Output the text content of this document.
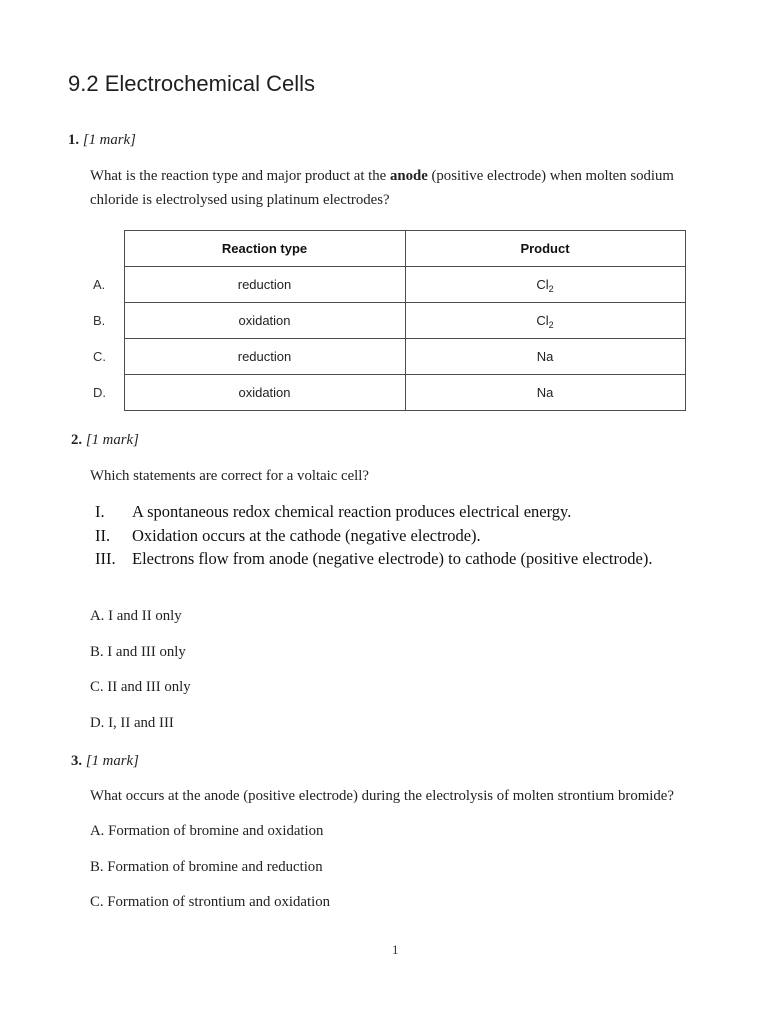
9.2 Electrochemical Cells
1. [1 mark]
What is the reaction type and major product at the anode (positive electrode) when molten sodium chloride is electrolysed using platinum electrodes?
	Reaction type	Product
A.	reduction	$Cl_2$
B.	oxidation	$Cl_2$
C.	reduction	Na
D.	oxidation	Na
2. [1 mark]
Which statements are correct for a voltaic cell?
I. A spontaneous redox chemical reaction produces electrical energy.
II. Oxidation occurs at the cathode (negative electrode).
III. Electrons flow from anode (negative electrode) to cathode (positive electrode).
A. I and II only
B. I and III only
C. II and III only
D. I, II and III
3. [1 mark]
What occurs at the anode (positive electrode) during the electrolysis of molten strontium bromide?
A. Formation of bromine and oxidation
B. Formation of bromine and reduction
C. Formation of strontium and oxidation
1
